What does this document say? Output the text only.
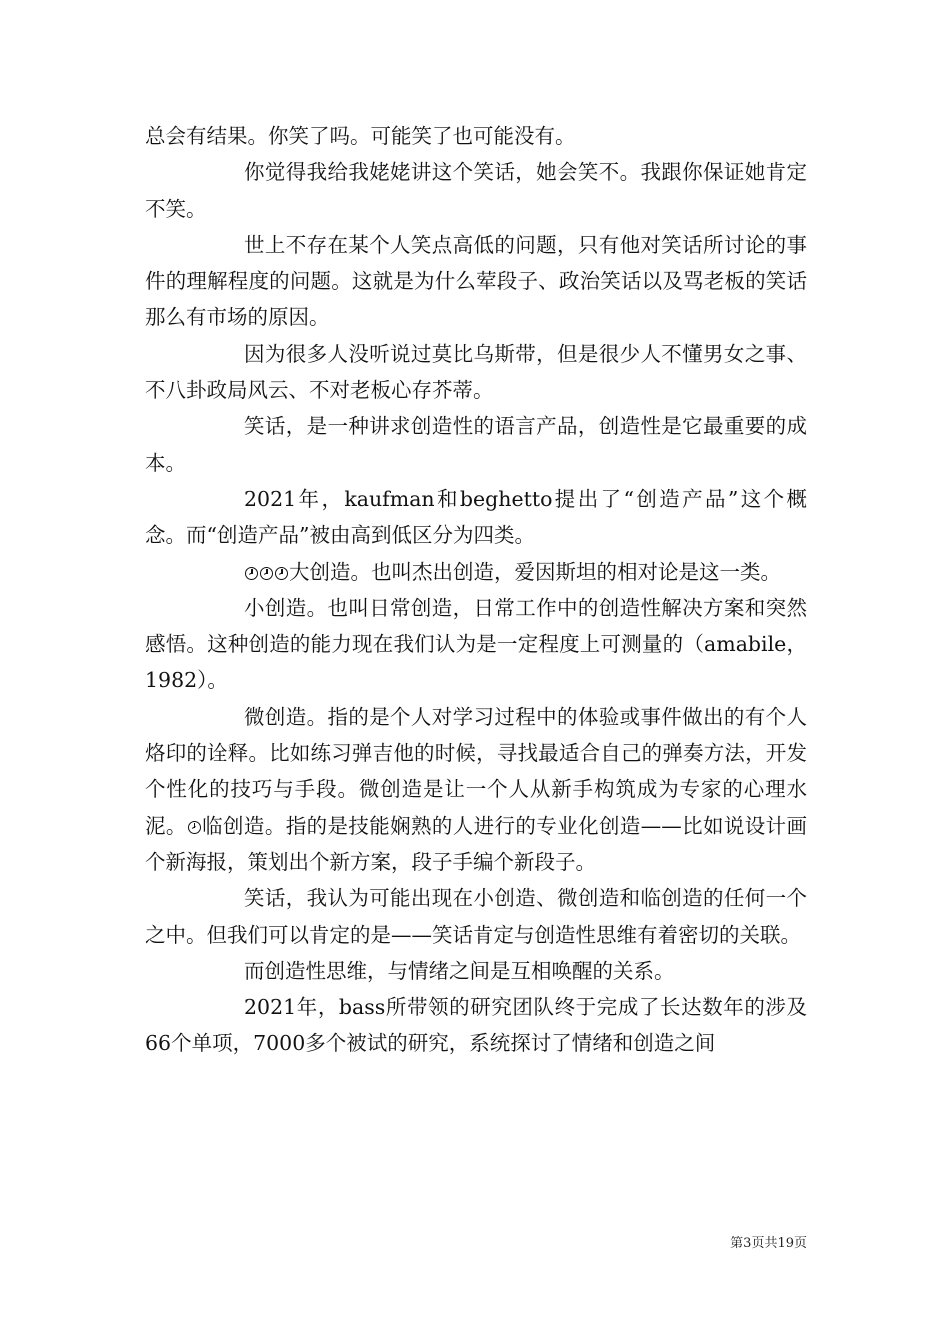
总会有结果。你笑了吗。可能笑了也可能没有。

你觉得我给我姥姥讲这个笑话，她会笑不。我跟你保证她肯定不笑。

世上不存在某个人笑点高低的问题，只有他对笑话所讨论的事件的理解程度的问题。这就是为什么荤段子、政治笑话以及骂老板的笑话那么有市场的原因。

因为很多人没听说过莫比乌斯带，但是很少人不懂男女之事、不八卦政局风云、不对老板心存芥蒂。

笑话，是一种讲求创造性的语言产品，创造性是它最重要的成本。

2021年，kaufman和beghetto提出了“创造产品”这个概念。而“创造产品”被由高到低区分为四类。

大创造。也叫杰出创造，爱因斯坦的相对论是这一类。

小创造。也叫日常创造，日常工作中的创造性解决方案和突然感悟。这种创造的能力现在我们认为是一定程度上可测量的（amabile，1982）。

微创造。指的是个人对学习过程中的体验或事件做出的有个人烙印的诠释。比如练习弹吉他的时候，寻找最适合自己的弹奏方法，开发个性化的技巧与手段。微创造是让一个人从新手构筑成为专家的心理水泥。 临创造。指的是技能娴熟的人进行的专业化创造——比如说设计画个新海报，策划出个新方案，段子手编个新段子。

笑话，我认为可能出现在小创造、微创造和临创造的任何一个之中。但我们可以肯定的是——笑话肯定与创造性思维有着密切的关联。

而创造性思维，与情绪之间是互相唤醒的关系。

2021年，bass所带领的研究团队终于完成了长达数年的涉及66个单项，7000多个被试的研究，系统探讨了情绪和创造之间

第3页共19页
